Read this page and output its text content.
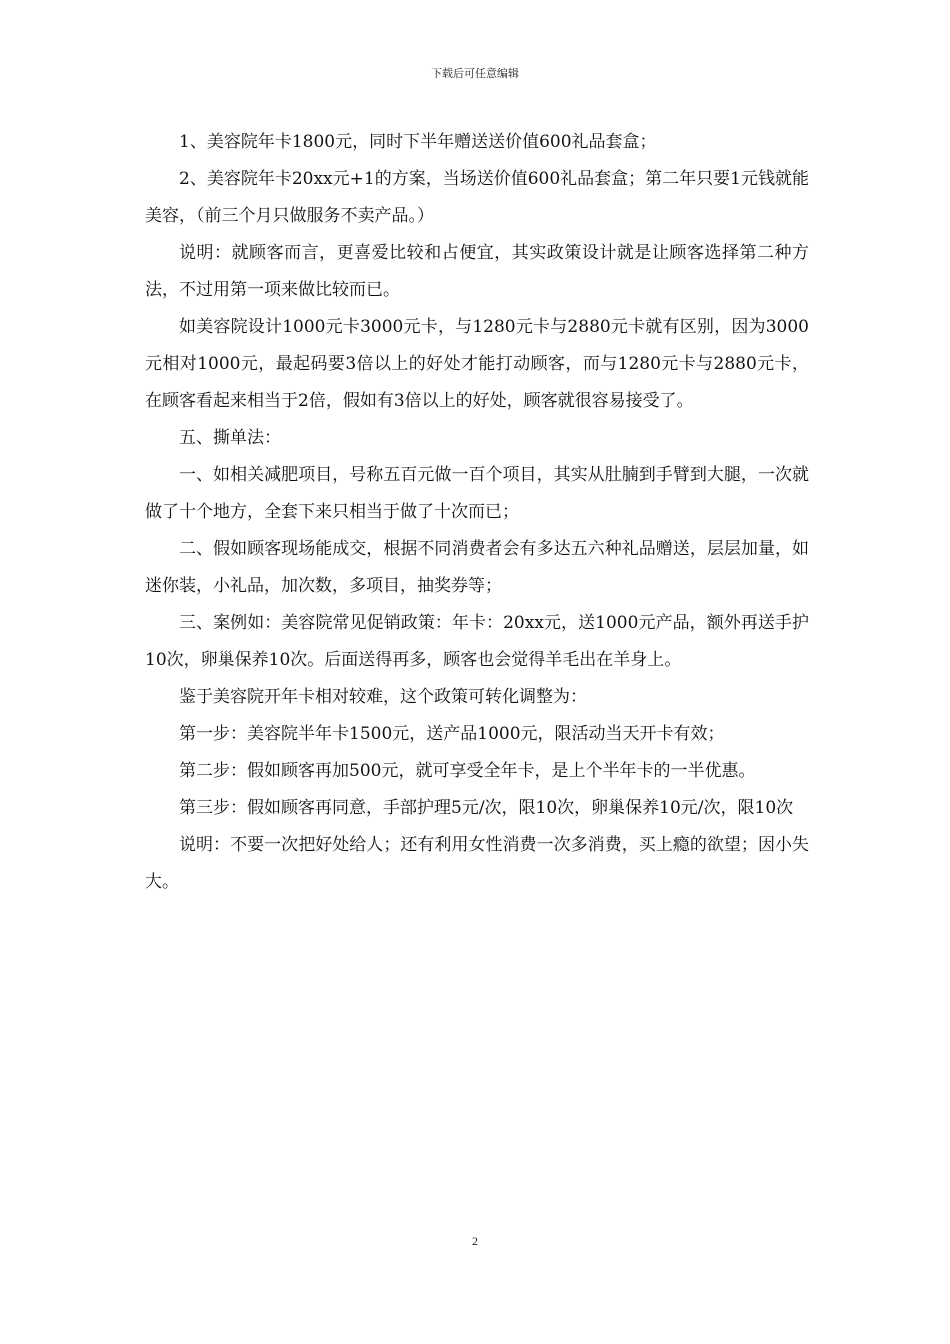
下载后可任意编辑

1、美容院年卡1800元，同时下半年赠送送价值600礼品套盒；

2、美容院年卡20xx元+1的方案，当场送价值600礼品套盒；第二年只要1元钱就能美容，（前三个月只做服务不卖产品。）

说明：就顾客而言，更喜爱比较和占便宜，其实政策设计就是让顾客选择第二种方法，不过用第一项来做比较而已。

如美容院设计1000元卡3000元卡，与1280元卡与2880元卡就有区别，因为3000元相对1000元，最起码要3倍以上的好处才能打动顾客，而与1280元卡与2880元卡，在顾客看起来相当于2倍，假如有3倍以上的好处，顾客就很容易接受了。

五、撕单法：

一、如相关减肥项目，号称五百元做一百个项目，其实从肚腩到手臂到大腿，一次就做了十个地方，全套下来只相当于做了十次而已；

二、假如顾客现场能成交，根据不同消费者会有多达五六种礼品赠送，层层加量，如迷你装，小礼品，加次数，多项目，抽奖券等；

三、案例如：美容院常见促销政策：年卡：20xx元，送1000元产品，额外再送手护10次，卵巢保养10次。后面送得再多，顾客也会觉得羊毛出在羊身上。

鉴于美容院开年卡相对较难，这个政策可转化调整为：

第一步：美容院半年卡1500元，送产品1000元，限活动当天开卡有效；

第二步：假如顾客再加500元，就可享受全年卡，是上个半年卡的一半优惠。

第三步：假如顾客再同意，手部护理5元/次，限10次，卵巢保养10元/次，限10次

说明：不要一次把好处给人；还有利用女性消费一次多消费，买上瘾的欲望；因小失大。

2
